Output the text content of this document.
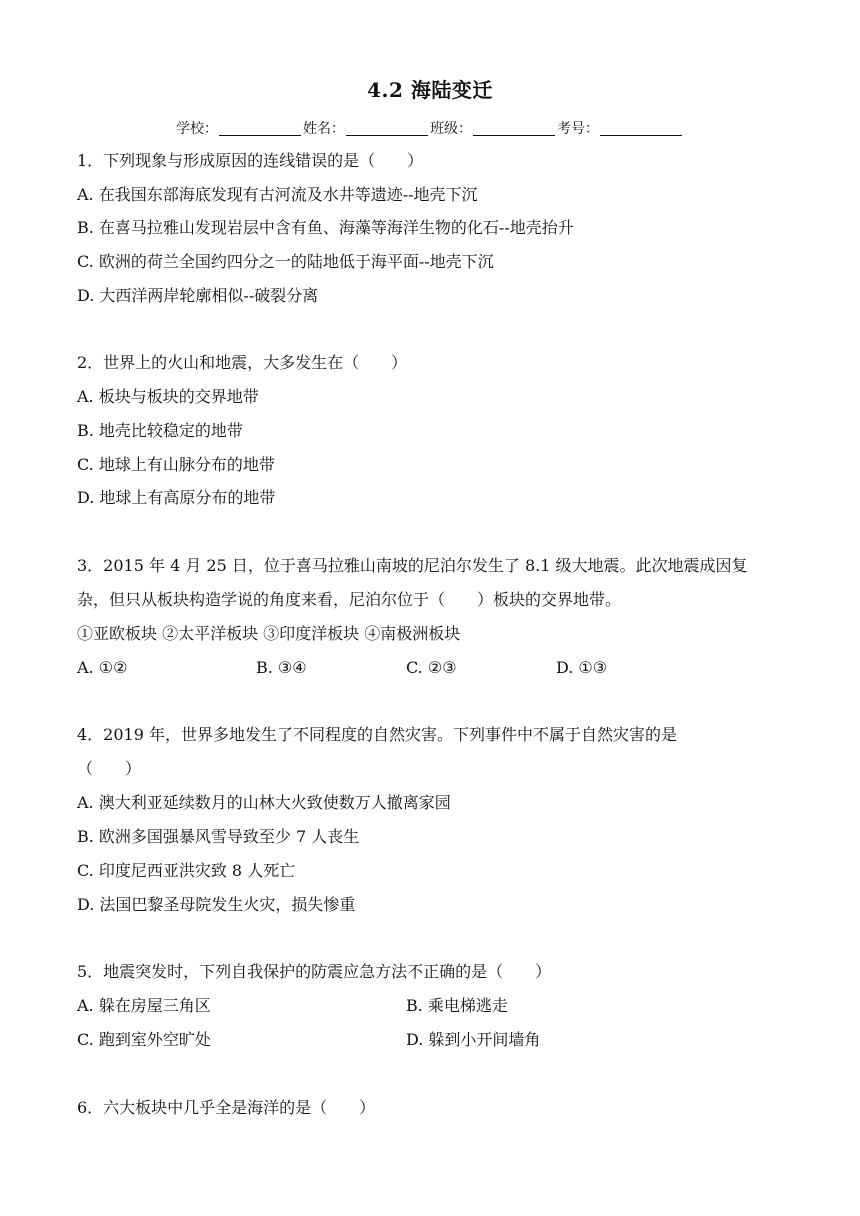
4.2 海陆变迁
学校：	姓名：	班级：	考号：
1．下列现象与形成原因的连线错误的是（　　）
A. 在我国东部海底发现有古河流及水井等遗迹--地壳下沉
B. 在喜马拉雅山发现岩层中含有鱼、海藻等海洋生物的化石--地壳抬升
C. 欧洲的荷兰全国约四分之一的陆地低于海平面--地壳下沉
D. 大西洋两岸轮廓相似--破裂分离
2．世界上的火山和地震，大多发生在（　　）
A. 板块与板块的交界地带
B. 地壳比较稳定的地带
C. 地球上有山脉分布的地带
D. 地球上有高原分布的地带
3．2015 年 4 月 25 日，位于喜马拉雅山南坡的尼泊尔发生了 8.1 级大地震。此次地震成因复
杂，但只从板块构造学说的角度来看，尼泊尔位于（　　）板块的交界地带。
①亚欧板块 ②太平洋板块 ③印度洋板块 ④南极洲板块
A. ①②	B. ③④	C. ②③	D. ①③
4．2019 年，世界多地发生了不同程度的自然灾害。下列事件中不属于自然灾害的是
（　　）
A. 澳大利亚延续数月的山林大火致使数万人撤离家园
B. 欧洲多国强暴风雪导致至少 7 人丧生
C. 印度尼西亚洪灾致 8 人死亡
D. 法国巴黎圣母院发生火灾，损失惨重
5．地震突发时，下列自我保护的防震应急方法不正确的是（　　）
A. 躲在房屋三角区	B. 乘电梯逃走
C. 跑到室外空旷处	D. 躲到小开间墙角
6．六大板块中几乎全是海洋的是（　　）
